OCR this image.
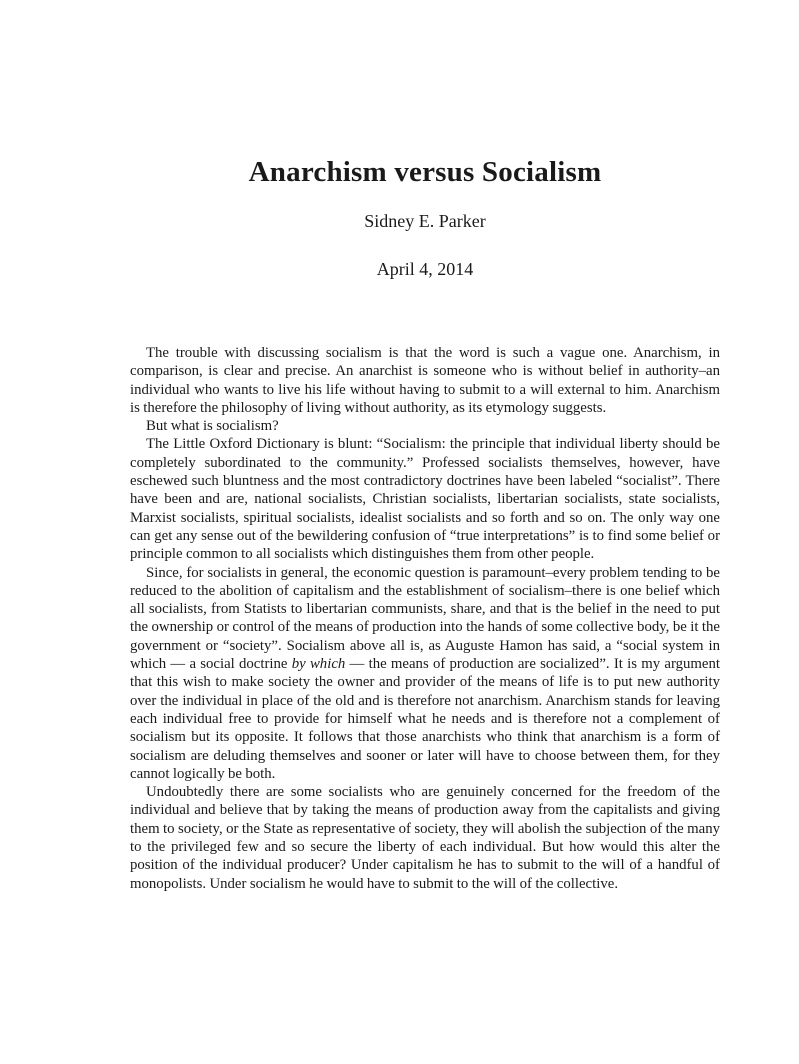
Anarchism versus Socialism
Sidney E. Parker
April 4, 2014

The trouble with discussing socialism is that the word is such a vague one. Anarchism, in comparison, is clear and precise. An anarchist is someone who is without belief in authority–an individual who wants to live his life without having to submit to a will external to him. Anarchism is therefore the philosophy of living without authority, as its etymology suggests.

But what is socialism?

The Little Oxford Dictionary is blunt: “Socialism: the principle that individual liberty should be completely subordinated to the community.” Professed socialists themselves, however, have eschewed such bluntness and the most contradictory doctrines have been labeled “socialist”. There have been and are, national socialists, Christian socialists, libertarian socialists, state socialists, Marxist socialists, spiritual socialists, idealist socialists and so forth and so on. The only way one can get any sense out of the bewildering confusion of “true interpretations” is to find some belief or principle common to all socialists which distinguishes them from other people.

Since, for socialists in general, the economic question is paramount–every problem tending to be reduced to the abolition of capitalism and the establishment of socialism–there is one belief which all socialists, from Statists to libertarian communists, share, and that is the belief in the need to put the ownership or control of the means of production into the hands of some collective body, be it the government or “society”. Socialism above all is, as Auguste Hamon has said, a “social system in which — a social doctrine by which — the means of production are socialized”. It is my argument that this wish to make society the owner and provider of the means of life is to put new authority over the individual in place of the old and is therefore not anarchism. Anarchism stands for leaving each individual free to provide for himself what he needs and is therefore not a complement of socialism but its opposite. It follows that those anarchists who think that anarchism is a form of socialism are deluding themselves and sooner or later will have to choose between them, for they cannot logically be both.

Undoubtedly there are some socialists who are genuinely concerned for the freedom of the individual and believe that by taking the means of production away from the capitalists and giving them to society, or the State as representative of society, they will abolish the subjection of the many to the privileged few and so secure the liberty of each individual. But how would this alter the position of the individual producer? Under capitalism he has to submit to the will of a handful of monopolists. Under socialism he would have to submit to the will of the collective.
